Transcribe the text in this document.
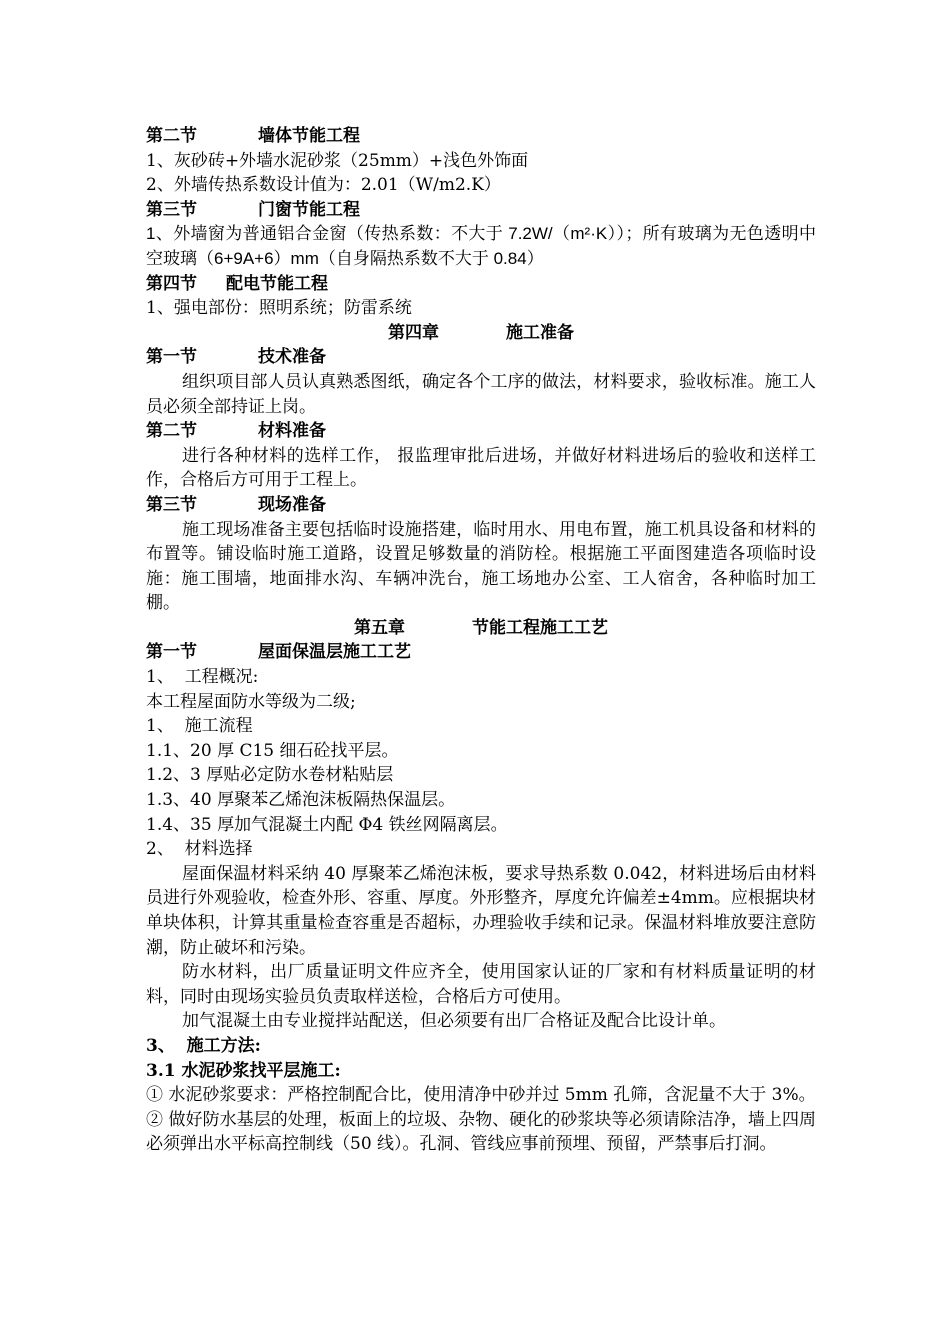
第二节	墙体节能工程

1、灰砂砖+外墙水泥砂浆（25mm）+浅色外饰面

2、外墙传热系数设计值为：2.01（W/m2.K）

第三节	门窗节能工程

1、外墙窗为普通铝合金窗（传热系数：不大于 7.2W/（m²·K））；所有玻璃为无色透明中空玻璃（6+9A+6）mm（自身隔热系数不大于 0.84）

第四节 配电节能工程

1、强电部份：照明系统；防雷系统

第四章	施工准备

第一节	技术准备

组织项目部人员认真熟悉图纸，确定各个工序的做法，材料要求，验收标准。施工人员必须全部持证上岗。

第二节	材料准备

进行各种材料的选样工作， 报监理审批后进场，并做好材料进场后的验收和送样工作，合格后方可用于工程上。

第三节	现场准备

施工现场准备主要包括临时设施搭建，临时用水、用电布置，施工机具设备和材料的布置等。铺设临时施工道路，设置足够数量的消防栓。根据施工平面图建造各项临时设施：施工围墙，地面排水沟、车辆冲洗台，施工场地办公室、工人宿舍，各种临时加工棚。

第五章	节能工程施工工艺

第一节	屋面保温层施工工艺

1、  工程概况:

本工程屋面防水等级为二级;

1、  施工流程

1.1、20 厚 C15 细石砼找平层。

1.2、3 厚贴必定防水卷材粘贴层

1.3、40 厚聚苯乙烯泡沫板隔热保温层。

1.4、35 厚加气混凝土内配 Φ4 铁丝网隔离层。

2、  材料选择

屋面保温材料采纳 40 厚聚苯乙烯泡沫板，要求导热系数 0.042，材料进场后由材料员进行外观验收，检查外形、容重、厚度。外形整齐，厚度允许偏差±4mm。应根据块材单块体积，计算其重量检查容重是否超标，办理验收手续和记录。保温材料堆放要注意防潮，防止破坏和污染。

防水材料，出厂质量证明文件应齐全，使用国家认证的厂家和有材料质量证明的材料，同时由现场实验员负责取样送检，合格后方可使用。

加气混凝土由专业搅拌站配送，但必须要有出厂合格证及配合比设计单。

3、  施工方法:

3.1 水泥砂浆找平层施工:

① 水泥砂浆要求：严格控制配合比，使用清净中砂并过 5mm 孔筛，含泥量不大于 3%。

② 做好防水基层的处理，板面上的垃圾、杂物、硬化的砂浆块等必须请除洁净，墙上四周必须弹出水平标高控制线（50 线）。孔洞、管线应事前预埋、预留，严禁事后打洞。
